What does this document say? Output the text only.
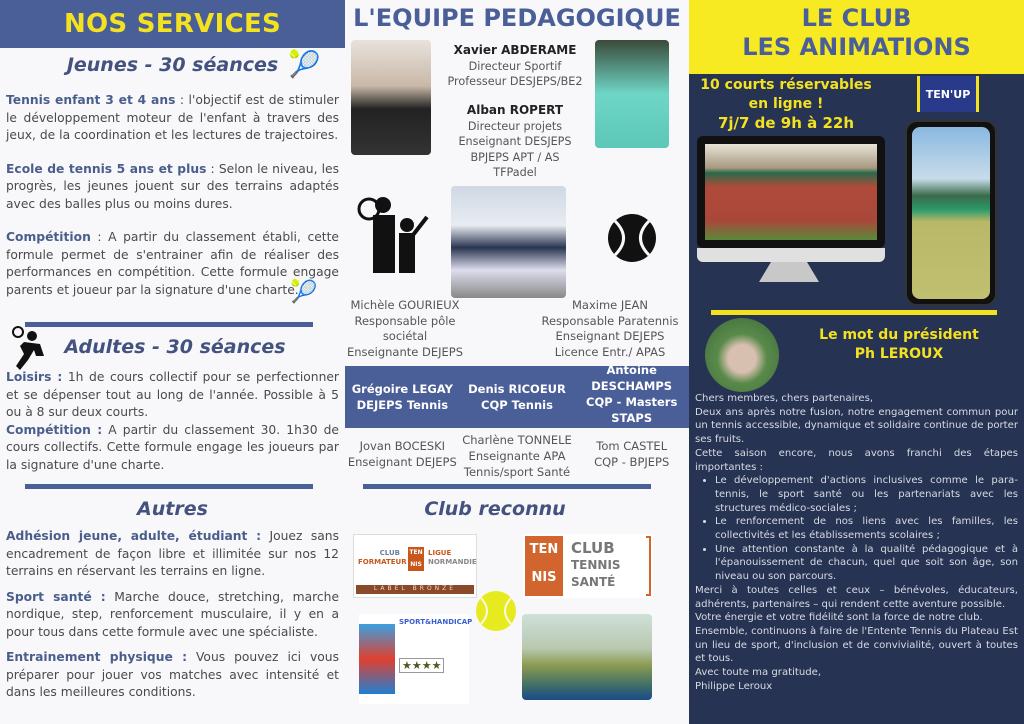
NOS SERVICES
Jeunes - 30 séances 🎾

Tennis enfant 3 et 4 ans : l'objectif est de stimuler le développement moteur de l'enfant à travers des jeux, de la coordination et les lectures de trajectoires.

Ecole de tennis 5 ans et plus : Selon le niveau, les progrès, les jeunes jouent sur des terrains adaptés avec des balles plus ou moins dures.

Compétition : A partir du classement établi, cette formule permet de s'entrainer afin de réaliser des performances en compétition. Cette formule engage parents et joueur par la signature d'une charte.

🎾
Adultes - 30 séances

Loisirs : 1h de cours collectif pour se perfectionner et se dépenser tout au long de l'année. Possible à 5 ou à 8 sur deux courts.

Compétition : A partir du classement 30. 1h30 de cours collectifs. Cette formule engage les joueurs par la signature d'une charte.

Autres

Adhésion jeune, adulte, étudiant : Jouez sans encadrement de façon libre et illimitée sur nos 12 terrains en réservant les terrains en ligne.

Sport santé : Marche douce, stretching, marche nordique, step, renforcement musculaire, il y en a pour tous dans cette formule avec une spécialiste.

Entrainement physique : Vous pouvez ici vous préparer pour jouer vos matches avec intensité et dans les meilleures conditions.

L'EQUIPE PEDAGOGIQUE
Xavier ABDERAME
Directeur Sportif
Professeur DESJEPS/BE2
Alban ROPERT
Directeur projets
Enseignant DESJEPS
BPJEPS APT / AS
TFPadel
Michèle GOURIEUX
Responsable pôle
sociétal
Enseignante DEJEPS
Maxime JEAN
Responsable Paratennis
Enseignant DEJEPS
Licence Entr./ APAS
Grégoire LEGAY
DEJEPS Tennis
Denis RICOEUR
CQP Tennis
Antoine DESCHAMPS
CQP - Masters
STAPS
Jovan BOCESKI
Enseignant DEJEPS
Charlène TONNELE
Enseignante APA
Tennis/sport Santé
Tom CASTEL
CQP - BPJEPS
Club reconnu
CLUB
FORMATEUR
TEN
NIS
LIGUE
NORMANDIE
LABEL BRONZE
TEN
NIS
CLUB
TENNIS
SANTÉ
SPORT&HANDICAP
★★★★
LE CLUB
LES ANIMATIONS
10 courts réservables
en ligne !
7j/7 de 9h à 22h
TEN'UP
Le mot du président
Ph LEROUX
Chers membres, chers partenaires,
Deux ans après notre fusion, notre engagement commun pour un tennis accessible, dynamique et solidaire continue de porter ses fruits.
Cette saison encore, nous avons franchi des étapes importantes :
• Le développement d'actions inclusives comme le para-tennis, le sport santé ou les partenariats avec les structures médico-sociales ;
• Le renforcement de nos liens avec les familles, les collectivités et les établissements scolaires ;
• Une attention constante à la qualité pédagogique et à l'épanouissement de chacun, quel que soit son âge, son niveau ou son parcours.
Merci à toutes celles et ceux – bénévoles, éducateurs, adhérents, partenaires – qui rendent cette aventure possible.
Votre énergie et votre fidélité sont la force de notre club.
Ensemble, continuons à faire de l'Entente Tennis du Plateau Est un lieu de sport, d'inclusion et de convivialité, ouvert à toutes et tous.
Avec toute ma gratitude,
Philippe Leroux
